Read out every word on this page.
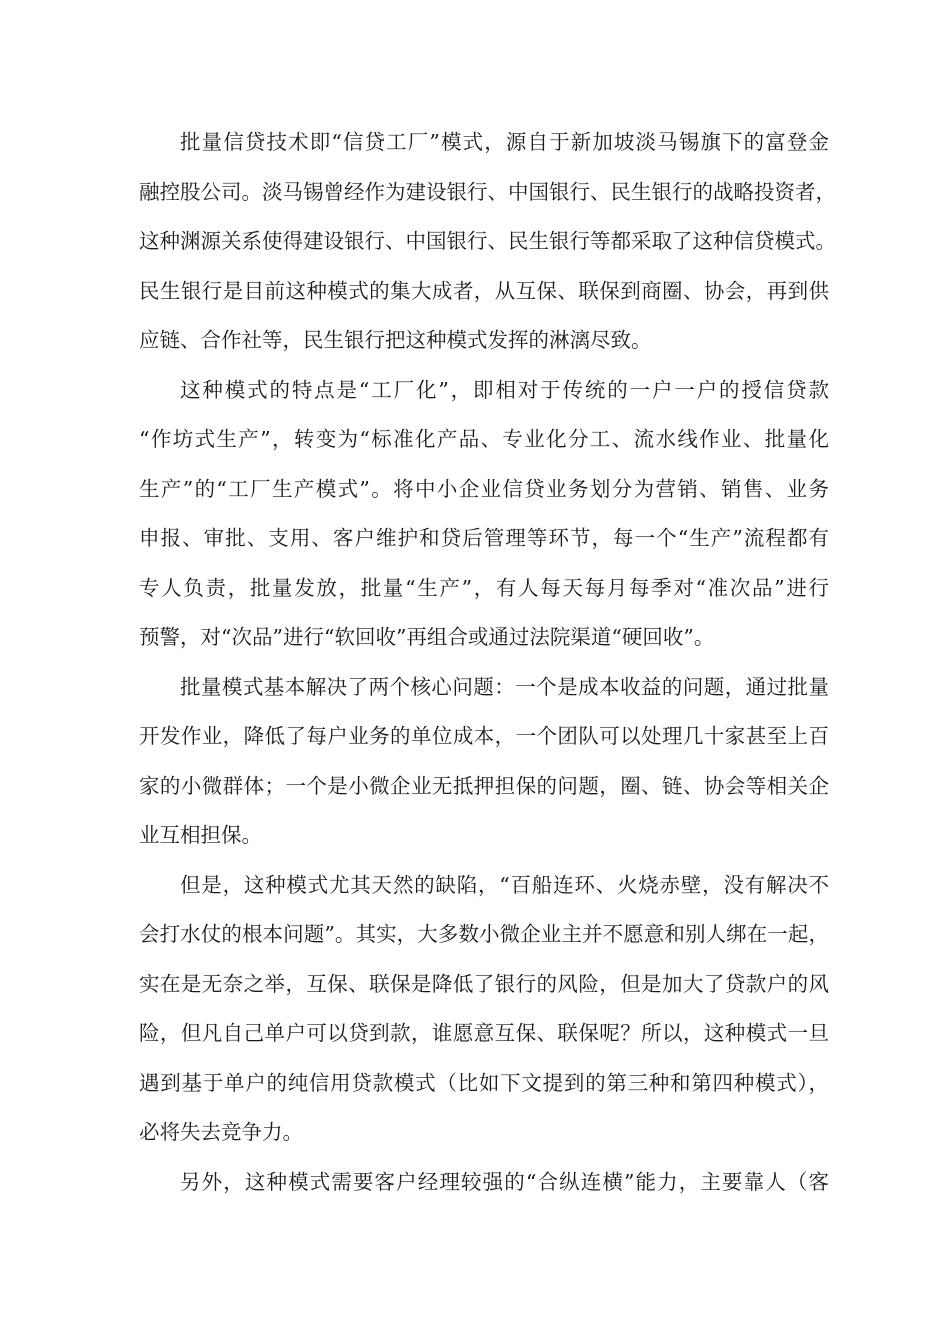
批量信贷技术即“信贷工厂”模式，源自于新加坡淡马锡旗下的富登金
融控股公司。淡马锡曾经作为建设银行、中国银行、民生银行的战略投资者，
这种渊源关系使得建设银行、中国银行、民生银行等都采取了这种信贷模式。
民生银行是目前这种模式的集大成者，从互保、联保到商圈、协会，再到供
应链、合作社等，民生银行把这种模式发挥的淋漓尽致。
这种模式的特点是“工厂化”，即相对于传统的一户一户的授信贷款
“作坊式生产”，转变为“标准化产品、专业化分工、流水线作业、批量化
生产”的“工厂生产模式”。将中小企业信贷业务划分为营销、销售、业务
申报、审批、支用、客户维护和贷后管理等环节，每一个“生产”流程都有
专人负责，批量发放，批量“生产”，有人每天每月每季对“准次品”进行
预警，对“次品”进行“软回收”再组合或通过法院渠道“硬回收”。
批量模式基本解决了两个核心问题：一个是成本收益的问题，通过批量
开发作业，降低了每户业务的单位成本，一个团队可以处理几十家甚至上百
家的小微群体；一个是小微企业无抵押担保的问题，圈、链、协会等相关企
业互相担保。
但是，这种模式尤其天然的缺陷，“百船连环、火烧赤壁，没有解决不
会打水仗的根本问题”。其实，大多数小微企业主并不愿意和别人绑在一起，
实在是无奈之举，互保、联保是降低了银行的风险，但是加大了贷款户的风
险，但凡自己单户可以贷到款，谁愿意互保、联保呢？所以，这种模式一旦
遇到基于单户的纯信用贷款模式（比如下文提到的第三种和第四种模式），
必将失去竞争力。
另外，这种模式需要客户经理较强的“合纵连横”能力，主要靠人（客
